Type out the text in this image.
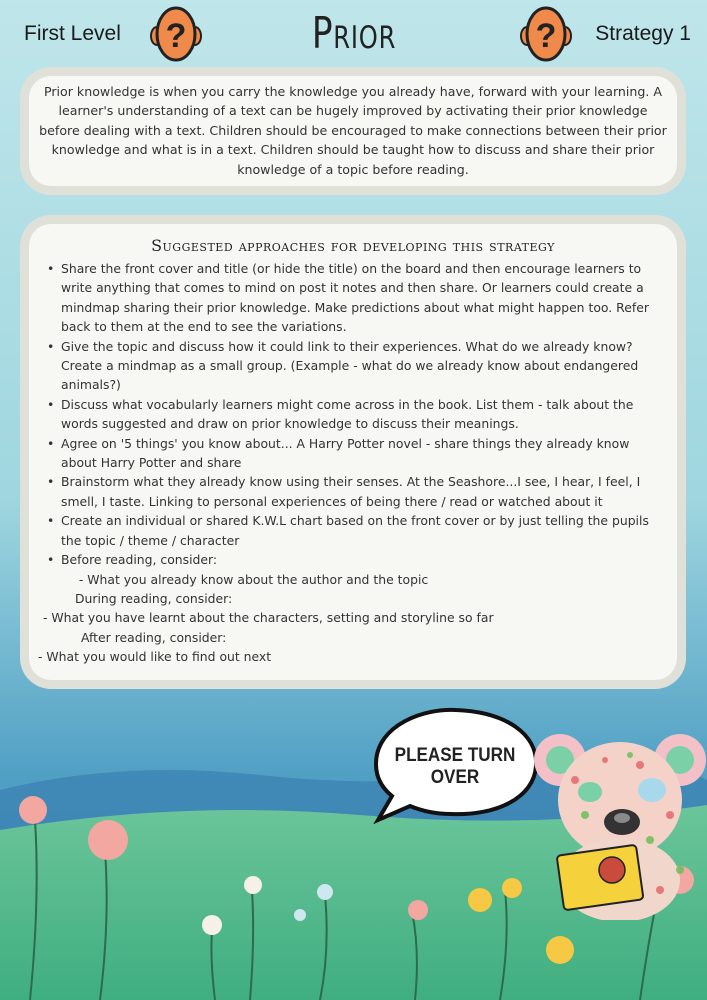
First Level ?	Prior	? Strategy 1

Prior knowledge is when you carry the knowledge you already have, forward with your learning. A learner's understanding of a text can be hugely improved by activating their prior knowledge before dealing with a text. Children should be encouraged to make connections between their prior knowledge and what is in a text. Children should be taught how to discuss and share their prior knowledge of a topic before reading.

Suggested approaches for developing this strategy
• Share the front cover and title (or hide the title) on the board and then encourage learners to write anything that comes to mind on post it notes and then share. Or learners could create a mindmap sharing their prior knowledge. Make predictions about what might happen too. Refer back to them at the end to see the variations.
• Give the topic and discuss how it could link to their experiences. What do we already know? Create a mindmap as a small group. (Example - what do we already know about endangered animals?)
• Discuss what vocabularly learners might come across in the book. List them - talk about the words suggested and draw on prior knowledge to discuss their meanings.
• Agree on '5 things' you know about... A Harry Potter novel - share things they already know about Harry Potter and share
• Brainstorm what they already know using their senses. At the Seashore...I see, I hear, I feel, I smell, I taste. Linking to personal experiences of being there / read or watched about it
• Create an individual or shared K.W.L chart based on the front cover or by just telling the pupils the topic / theme / character
• Before reading, consider:
- What you already know about the author and the topic
During reading, consider:
- What you have learnt about the characters, setting and storyline so far
After reading, consider:
- What you would like to find out next
PLEASE TURN OVER
